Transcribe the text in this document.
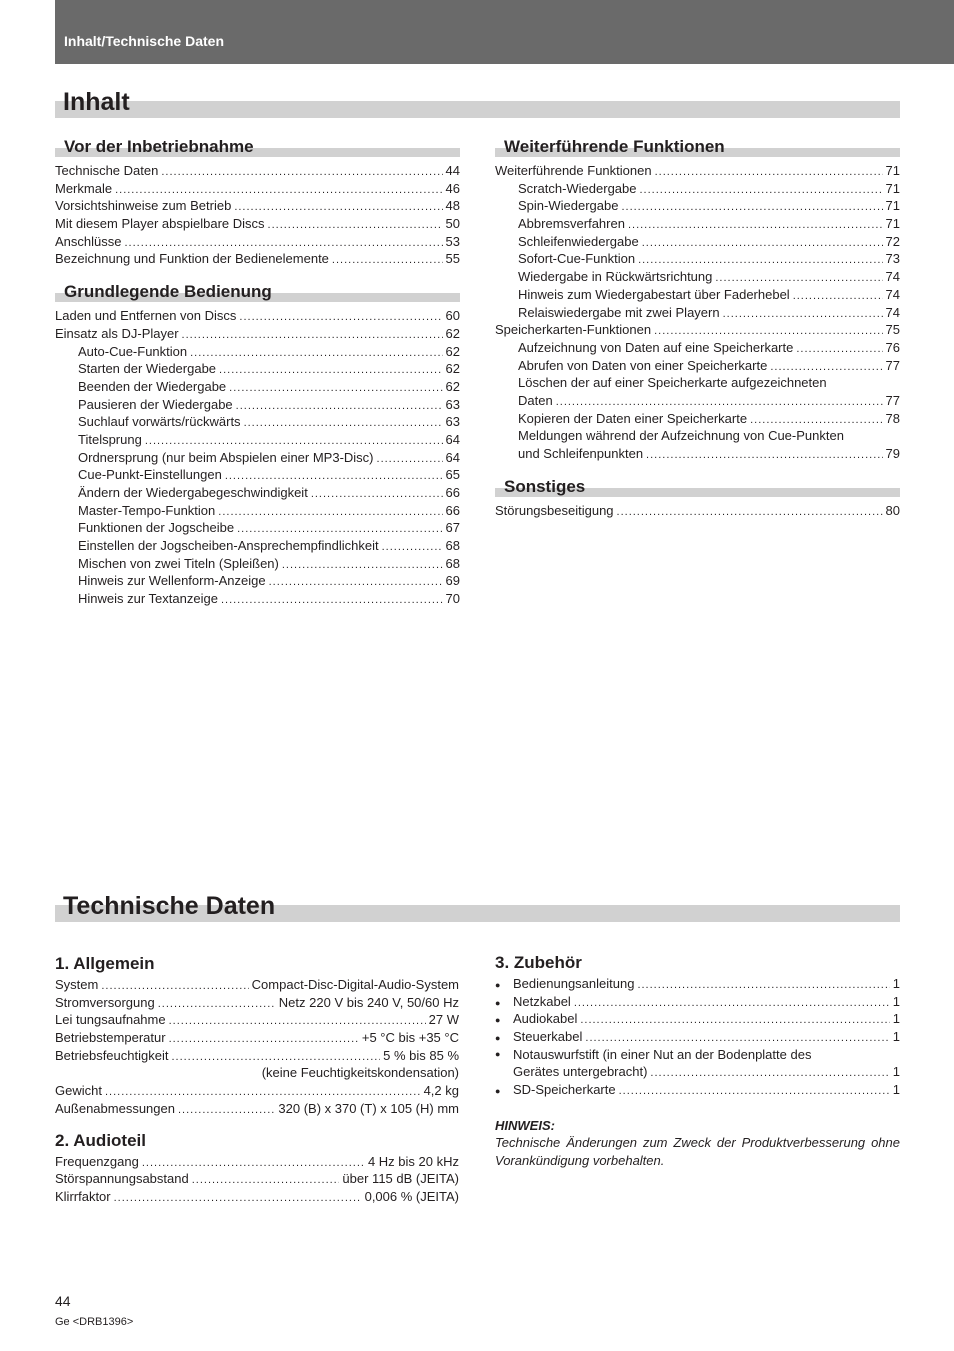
Inhalt/Technische Daten
Inhalt
Vor der Inbetriebnahme
Technische Daten .....	44
Merkmale .....	46
Vorsichtshinweise zum Betrieb .....	48
Mit diesem Player abspielbare Discs .....	50
Anschlüsse .....	53
Bezeichnung und Funktion der Bedienelemente .....	55
Grundlegende Bedienung
Laden und Entfernen von Discs .....	60
Einsatz als DJ-Player .....	62
Auto-Cue-Funktion .....	62
Starten der Wiedergabe .....	62
Beenden der Wiedergabe .....	62
Pausieren der Wiedergabe .....	63
Suchlauf vorwärts/rückwärts .....	63
Titelsprung .....	64
Ordnersprung (nur beim Abspielen einer MP3-Disc) .....	64
Cue-Punkt-Einstellungen .....	65
Ändern der Wiedergabegeschwindigkeit .....	66
Master-Tempo-Funktion .....	66
Funktionen der Jogscheibe .....	67
Einstellen der Jogscheiben-Ansprechempfindlichkeit .....	68
Mischen von zwei Titeln (Spleißen) .....	68
Hinweis zur Wellenform-Anzeige .....	69
Hinweis zur Textanzeige .....	70
Weiterführende Funktionen
Weiterführende Funktionen .....	71
Scratch-Wiedergabe .....	71
Spin-Wiedergabe .....	71
Abbremsverfahren .....	71
Schleifenwiedergabe .....	72
Sofort-Cue-Funktion .....	73
Wiedergabe in Rückwärtsrichtung .....	74
Hinweis zum Wiedergabestart über Faderhebel .....	74
Relaiswiedergabe mit zwei Playern .....	74
Speicherkarten-Funktionen .....	75
Aufzeichnung von Daten auf eine Speicherkarte .....	76
Abrufen von Daten von einer Speicherkarte .....	77
Löschen der auf einer Speicherkarte aufgezeichneten
Daten .....	77
Kopieren der Daten einer Speicherkarte .....	78
Meldungen während der Aufzeichnung von Cue-Punkten
und Schleifenpunkten .....	79
Sonstiges
Störungsbeseitigung .....	80
Technische Daten
1. Allgemein
System .....	Compact-Disc-Digital-Audio-System
Stromversorgung .....	Netz 220 V bis 240 V, 50/60 Hz
Lei tungsaufnahme .....	27 W
Betriebstemperatur .....	+5 °C bis +35 °C
Betriebsfeuchtigkeit .....	5 % bis 85 %
(keine Feuchtigkeitskondensation)
Gewicht .....	4,2 kg
Außenabmessungen .....	320 (B) x 370 (T) x 105 (H) mm
2. Audioteil
Frequenzgang .....	4 Hz bis 20 kHz
Störspannungsabstand .....	über 115 dB (JEITA)
Klirrfaktor .....	0,006 % (JEITA)
3. Zubehör
● Bedienungsanleitung .....	1
● Netzkabel .....	1
● Audiokabel .....	1
● Steuerkabel .....	1
● Notauswurfstift (in einer Nut an der Bodenplatte des
Gerätes untergebracht) .....	1
● SD-Speicherkarte .....	1
HINWEIS:
Technische Änderungen zum Zweck der Produktverbesserung ohne Vorankündigung vorbehalten.
44
Ge <DRB1396>
